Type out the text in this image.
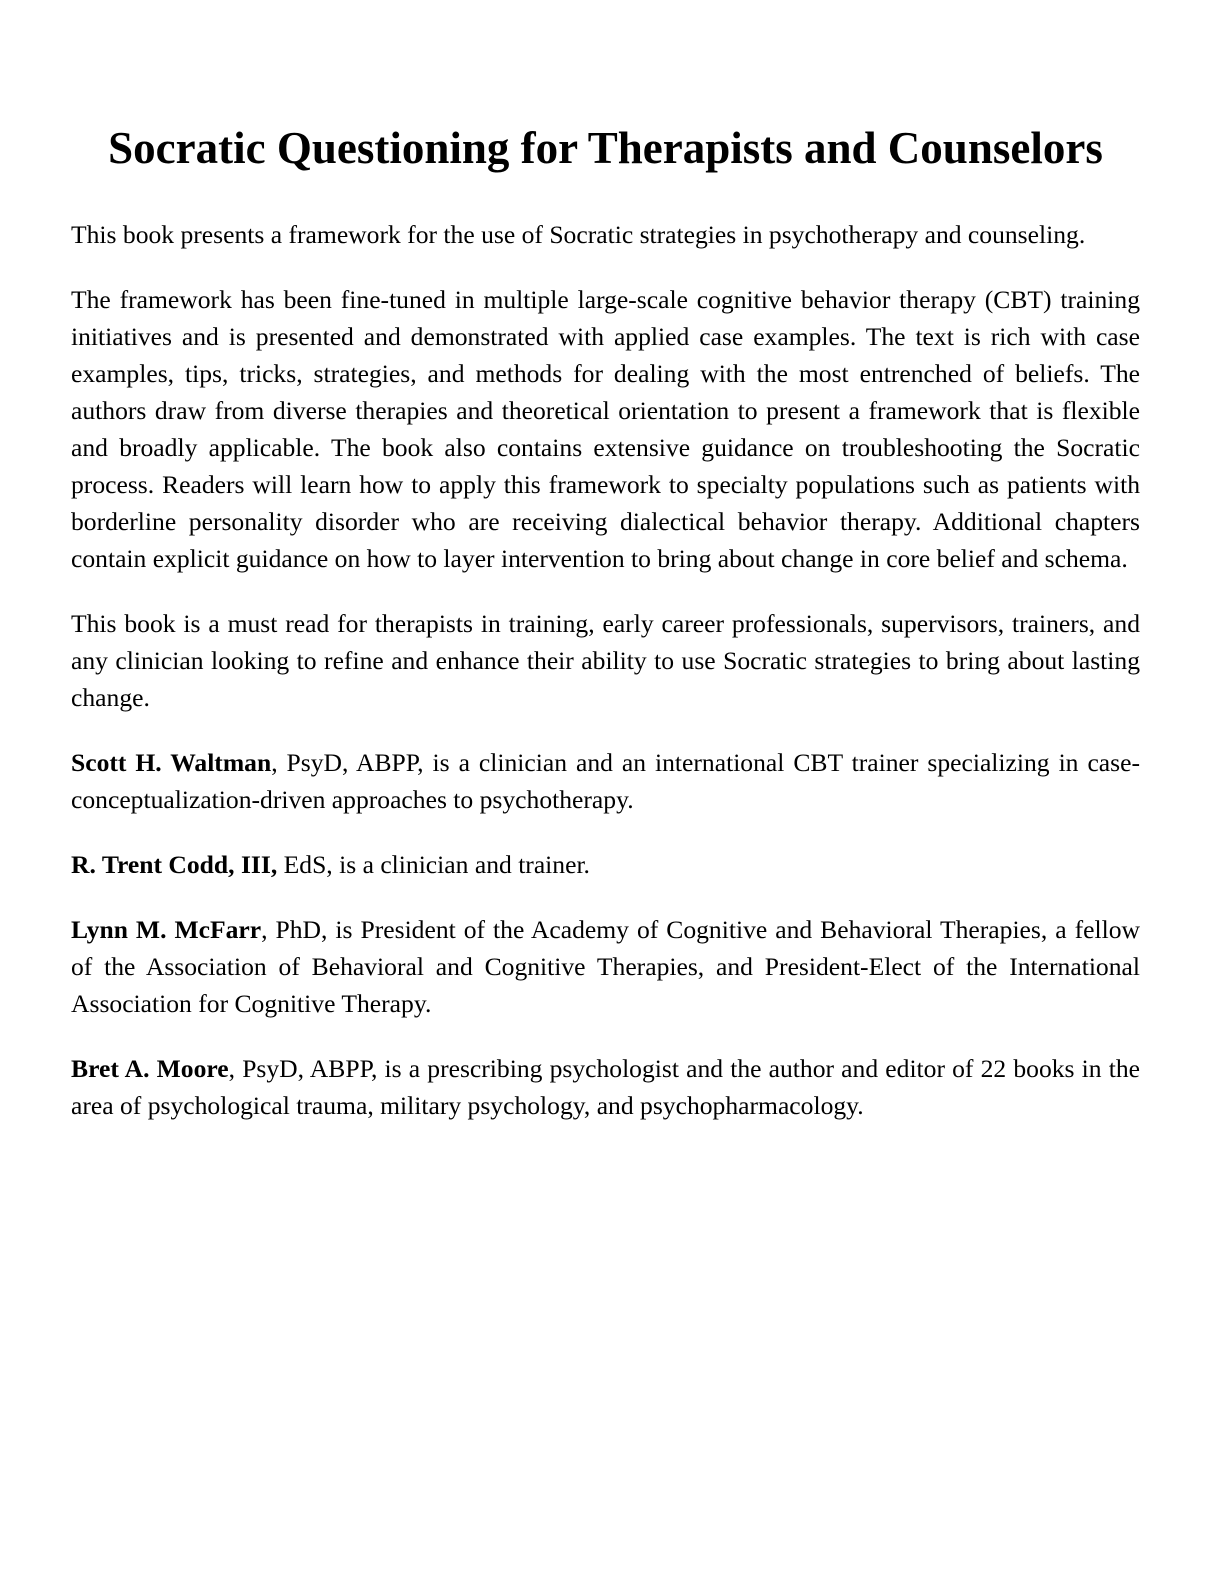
Socratic Questioning for Therapists and Counselors

This book presents a framework for the use of Socratic strategies in psychotherapy and counseling.

The framework has been fine-tuned in multiple large-scale cognitive behavior therapy (CBT) training initiatives and is presented and demonstrated with applied case examples. The text is rich with case examples, tips, tricks, strategies, and methods for dealing with the most entrenched of beliefs. The authors draw from diverse therapies and theoretical orientation to present a framework that is flexible and broadly applicable. The book also contains extensive guidance on troubleshooting the Socratic process. Readers will learn how to apply this framework to specialty populations such as patients with borderline personality disorder who are receiving dialectical behavior therapy. Additional chapters contain explicit guidance on how to layer intervention to bring about change in core belief and schema.

This book is a must read for therapists in training, early career professionals, supervisors, trainers, and any clinician looking to refine and enhance their ability to use Socratic strategies to bring about lasting change.

Scott H. Waltman, PsyD, ABPP, is a clinician and an international CBT trainer specializing in case-conceptualization-driven approaches to psychotherapy.

R. Trent Codd, III, EdS, is a clinician and trainer.

Lynn M. McFarr, PhD, is President of the Academy of Cognitive and Behavioral Therapies, a fellow of the Association of Behavioral and Cognitive Therapies, and President-Elect of the International Association for Cognitive Therapy.

Bret A. Moore, PsyD, ABPP, is a prescribing psychologist and the author and editor of 22 books in the area of psychological trauma, military psychology, and psychopharmacology.
